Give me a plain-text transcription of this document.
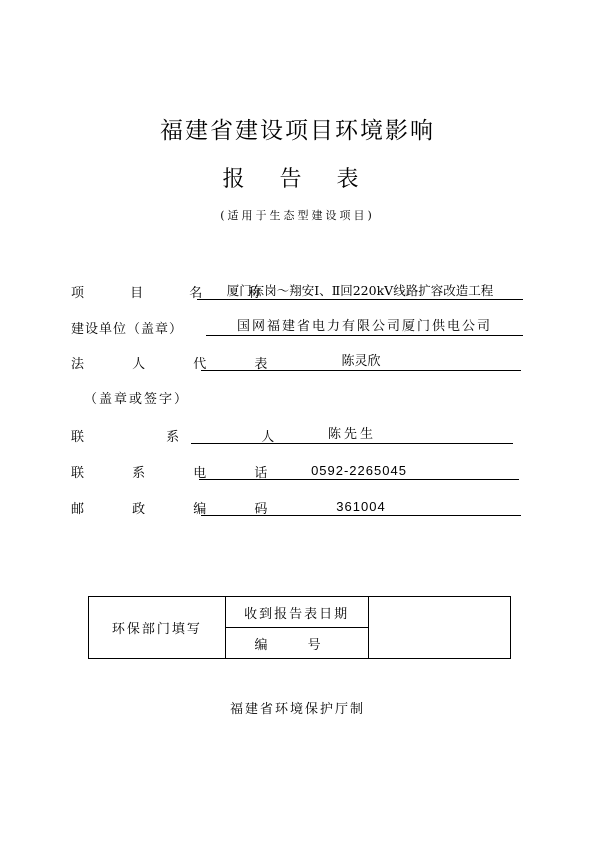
福建省建设项目环境影响
报 告 表
(适用于生态型建设项目)
项 目 名 称
厦门东岗～翔安Ⅰ、Ⅱ回220kV线路扩容改造工程
建设单位（盖章）	国网福建省电力有限公司厦门供电公司
法 人 代 表	陈灵欣
（盖章或签字）
联 系 人	陈先生
联 系 电 话	0592-2265045
邮 政 编 码	361004
环保部门填写	收到报告表日期	
编 号
福建省环境保护厅制
